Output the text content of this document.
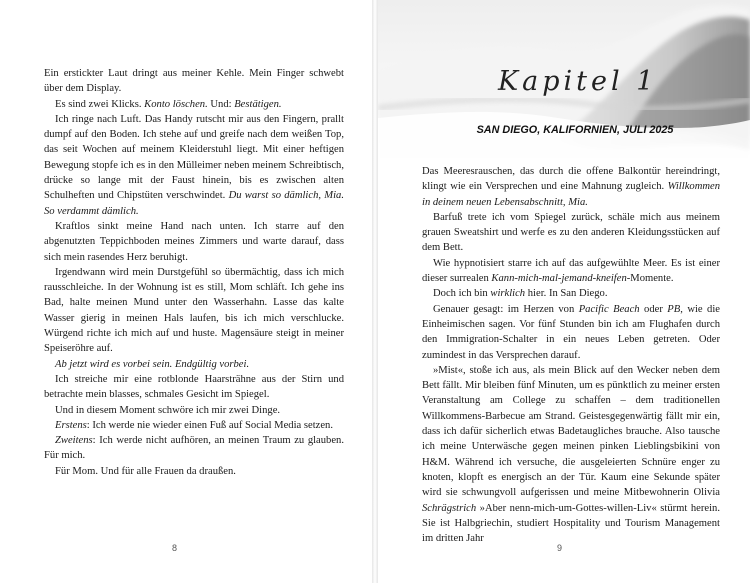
Ein erstickter Laut dringt aus meiner Kehle. Mein Finger schwebt über dem Display.

Es sind zwei Klicks. Konto löschen. Und: Bestätigen.

Ich ringe nach Luft. Das Handy rutscht mir aus den Fingern, prallt dumpf auf den Boden. Ich stehe auf und greife nach dem weißen Top, das seit Wochen auf meinem Kleiderstuhl liegt. Mit einer heftigen Bewegung stopfe ich es in den Mülleimer neben meinem Schreibtisch, drücke so lange mit der Faust hinein, bis es zwischen alten Schulheften und Chipstüten verschwindet. Du warst so dämlich, Mia. So verdammt dämlich.

Kraftlos sinkt meine Hand nach unten. Ich starre auf den abgenutzten Teppichboden meines Zimmers und warte darauf, dass sich mein rasendes Herz beruhigt.

Irgendwann wird mein Durstgefühl so übermächtig, dass ich mich rausschleiche. In der Wohnung ist es still, Mom schläft. Ich gehe ins Bad, halte meinen Mund unter den Wasserhahn. Lasse das kalte Wasser gierig in meinen Hals laufen, bis ich mich verschlucke. Würgend richte ich mich auf und huste. Magensäure steigt in meiner Speiseröhre auf.

Ab jetzt wird es vorbei sein. Endgültig vorbei.

Ich streiche mir eine rotblonde Haarsträhne aus der Stirn und betrachte mein blasses, schmales Gesicht im Spiegel.

Und in diesem Moment schwöre ich mir zwei Dinge.

Erstens: Ich werde nie wieder einen Fuß auf Social Media setzen.

Zweitens: Ich werde nicht aufhören, an meinen Traum zu glauben. Für mich.

Für Mom. Und für alle Frauen da draußen.

8
Kapitel 1
SAN DIEGO, KALIFORNIEN, JULI 2025

Das Meeresrauschen, das durch die offene Balkontür hereindringt, klingt wie ein Versprechen und eine Mahnung zugleich. Willkommen in deinem neuen Lebensabschnitt, Mia.

Barfuß trete ich vom Spiegel zurück, schäle mich aus meinem grauen Sweatshirt und werfe es zu den anderen Kleidungsstücken auf dem Bett.

Wie hypnotisiert starre ich auf das aufgewühlte Meer. Es ist einer dieser surrealen Kann-mich-mal-jemand-kneifen-Momente.

Doch ich bin wirklich hier. In San Diego.

Genauer gesagt: im Herzen von Pacific Beach oder PB, wie die Einheimischen sagen. Vor fünf Stunden bin ich am Flughafen durch den Immigration-Schalter in ein neues Leben getreten. Oder zumindest in das Versprechen darauf.

»Mist«, stoße ich aus, als mein Blick auf den Wecker neben dem Bett fällt. Mir bleiben fünf Minuten, um es pünktlich zu meiner ersten Veranstaltung am College zu schaffen – dem traditionellen Willkommens-Barbecue am Strand. Geistesgegenwärtig fällt mir ein, dass ich dafür sicherlich etwas Badetaugliches brauche. Also tausche ich meine Unterwäsche gegen meinen pinken Lieblingsbikini von H&M. Während ich versuche, die ausgeleierten Schnüre enger zu knoten, klopft es energisch an der Tür. Kaum eine Sekunde später wird sie schwungvoll aufgerissen und meine Mitbewohnerin Olivia Schrägstrich »Aber nenn-mich-um-Gottes-willen-Liv« stürmt herein. Sie ist Halbgriechin, studiert Hospitality und Tourism Management im dritten Jahr

9
